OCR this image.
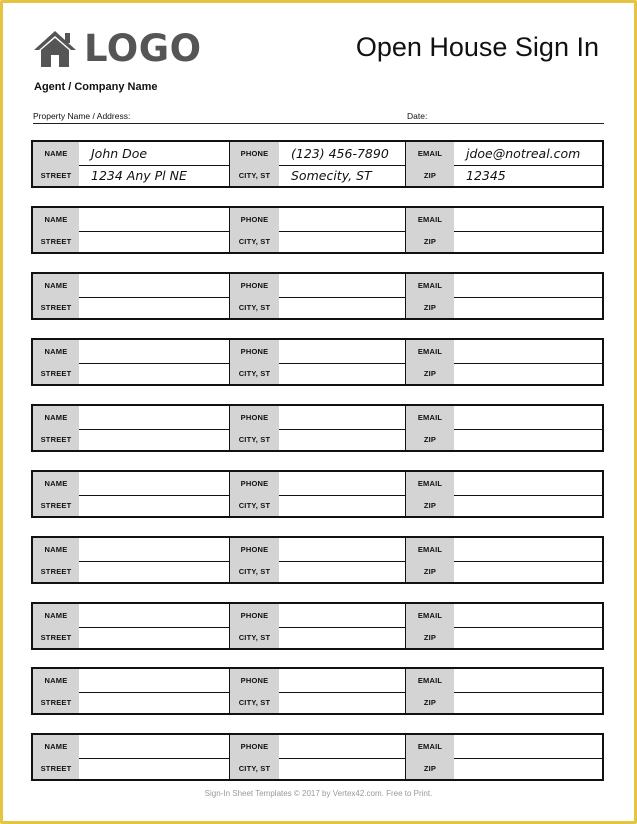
LOGO	Open House Sign In
Agent / Company Name
Property Name / Address:	Date:
NAME	John Doe	PHONE	(123) 456-7890	EMAIL	jdoe@notreal.com
STREET	1234 Any Pl NE	CITY, ST	Somecity, ST	ZIP	12345
NAME	PHONE	EMAIL
STREET	CITY, ST	ZIP
NAME	PHONE	EMAIL
STREET	CITY, ST	ZIP
NAME	PHONE	EMAIL
STREET	CITY, ST	ZIP
NAME	PHONE	EMAIL
STREET	CITY, ST	ZIP
NAME	PHONE	EMAIL
STREET	CITY, ST	ZIP
NAME	PHONE	EMAIL
STREET	CITY, ST	ZIP
NAME	PHONE	EMAIL
STREET	CITY, ST	ZIP
NAME	PHONE	EMAIL
STREET	CITY, ST	ZIP
NAME	PHONE	EMAIL
STREET	CITY, ST	ZIP
Sign-In Sheet Templates © 2017 by Vertex42.com. Free to Print.
